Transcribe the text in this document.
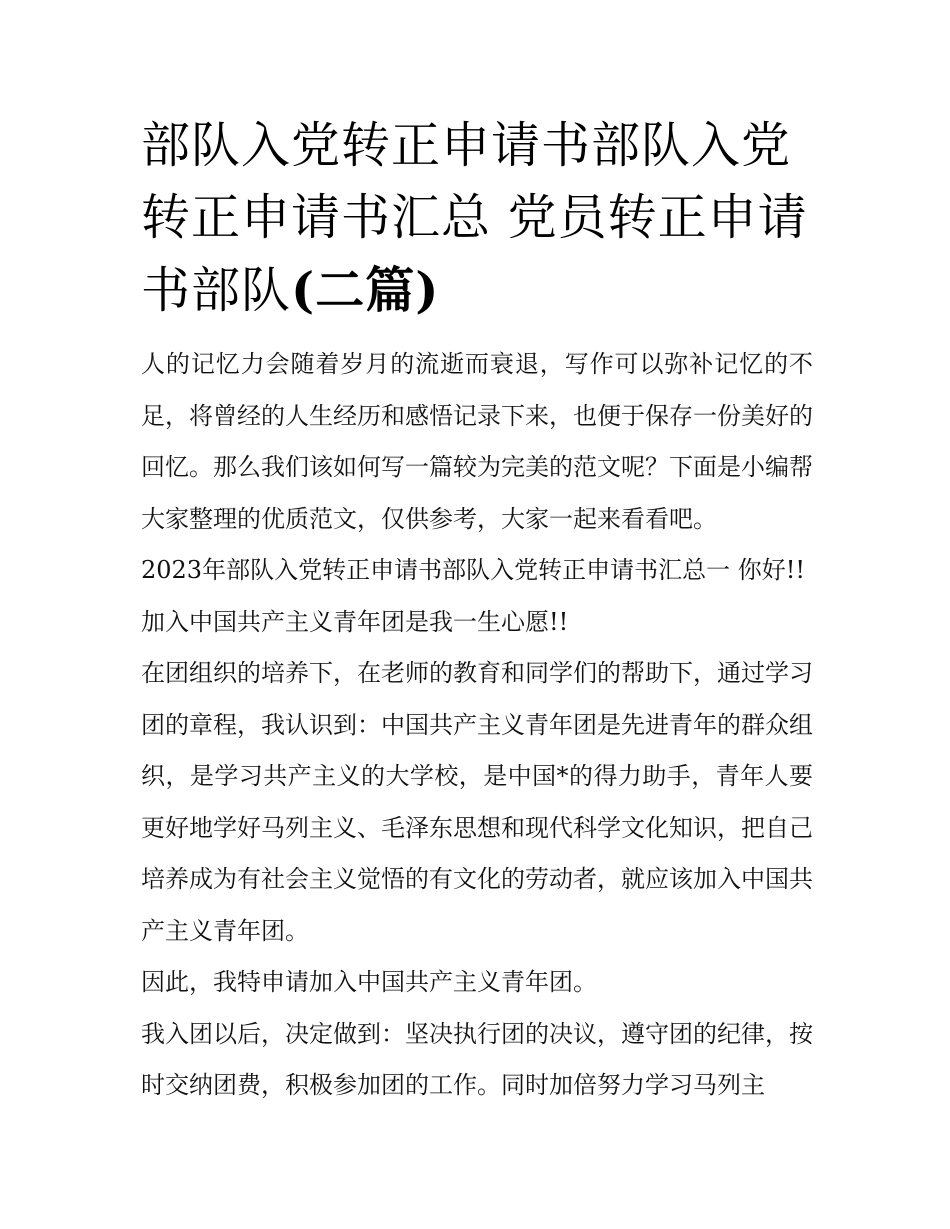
部队入党转正申请书部队入党转正申请书汇总 党员转正申请书部队(二篇)

人的记忆力会随着岁月的流逝而衰退，写作可以弥补记忆的不足，将曾经的人生经历和感悟记录下来，也便于保存一份美好的回忆。那么我们该如何写一篇较为完美的范文呢？下面是小编帮大家整理的优质范文，仅供参考，大家一起来看看吧。

2023年部队入党转正申请书部队入党转正申请书汇总一 你好!!

加入中国共产主义青年团是我一生心愿!!

在团组织的培养下，在老师的教育和同学们的帮助下，通过学习团的章程，我认识到：中国共产主义青年团是先进青年的群众组织，是学习共产主义的大学校，是中国*的得力助手，青年人要更好地学好马列主义、毛泽东思想和现代科学文化知识，把自己培养成为有社会主义觉悟的有文化的劳动者，就应该加入中国共产主义青年团。

因此，我特申请加入中国共产主义青年团。

我入团以后，决定做到：坚决执行团的决议，遵守团的纪律，按时交纳团费，积极参加团的工作。同时加倍努力学习马列主
